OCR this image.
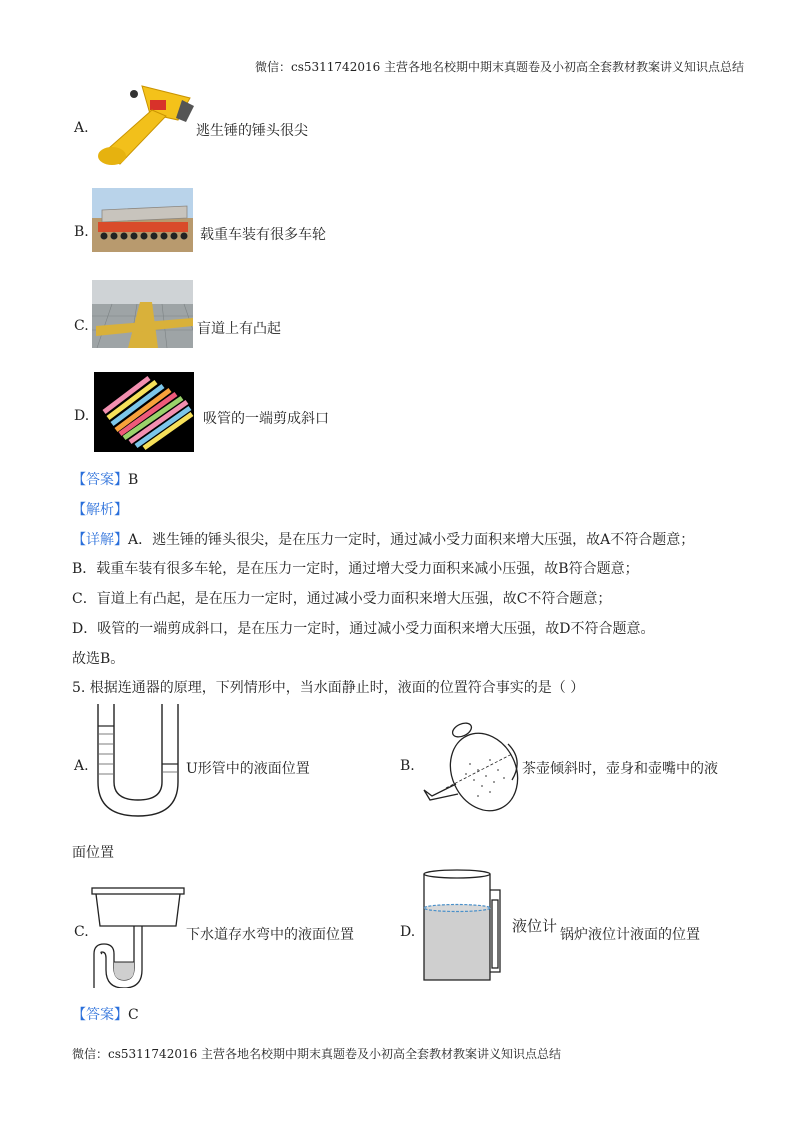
微信：cs5311742016 主营各地名校期中期末真题卷及小初高全套教材教案讲义知识点总结
A.	逃生锤的锤头很尖
B.	载重车装有很多车轮
C.	盲道上有凸起
D.	吸管的一端剪成斜口
【答案】B
【解析】
【详解】A．逃生锤的锤头很尖，是在压力一定时，通过减小受力面积来增大压强，故A不符合题意；
B．载重车装有很多车轮，是在压力一定时，通过增大受力面积来减小压强，故B符合题意；
C．盲道上有凸起，是在压力一定时，通过减小受力面积来增大压强，故C不符合题意；
D．吸管的一端剪成斜口，是在压力一定时，通过减小受力面积来增大压强，故D不符合题意。
故选B。
5. 根据连通器的原理，下列情形中，当水面静止时，液面的位置符合事实的是（ ）
A.	U形管中的液面位置	B.	茶壶倾斜时，壶身和壶嘴中的液
面位置
C.	下水道存水弯中的液面位置	D.	液位计 锅炉液位计液面的位置
【答案】C
微信：cs5311742016 主营各地名校期中期末真题卷及小初高全套教材教案讲义知识点总结
